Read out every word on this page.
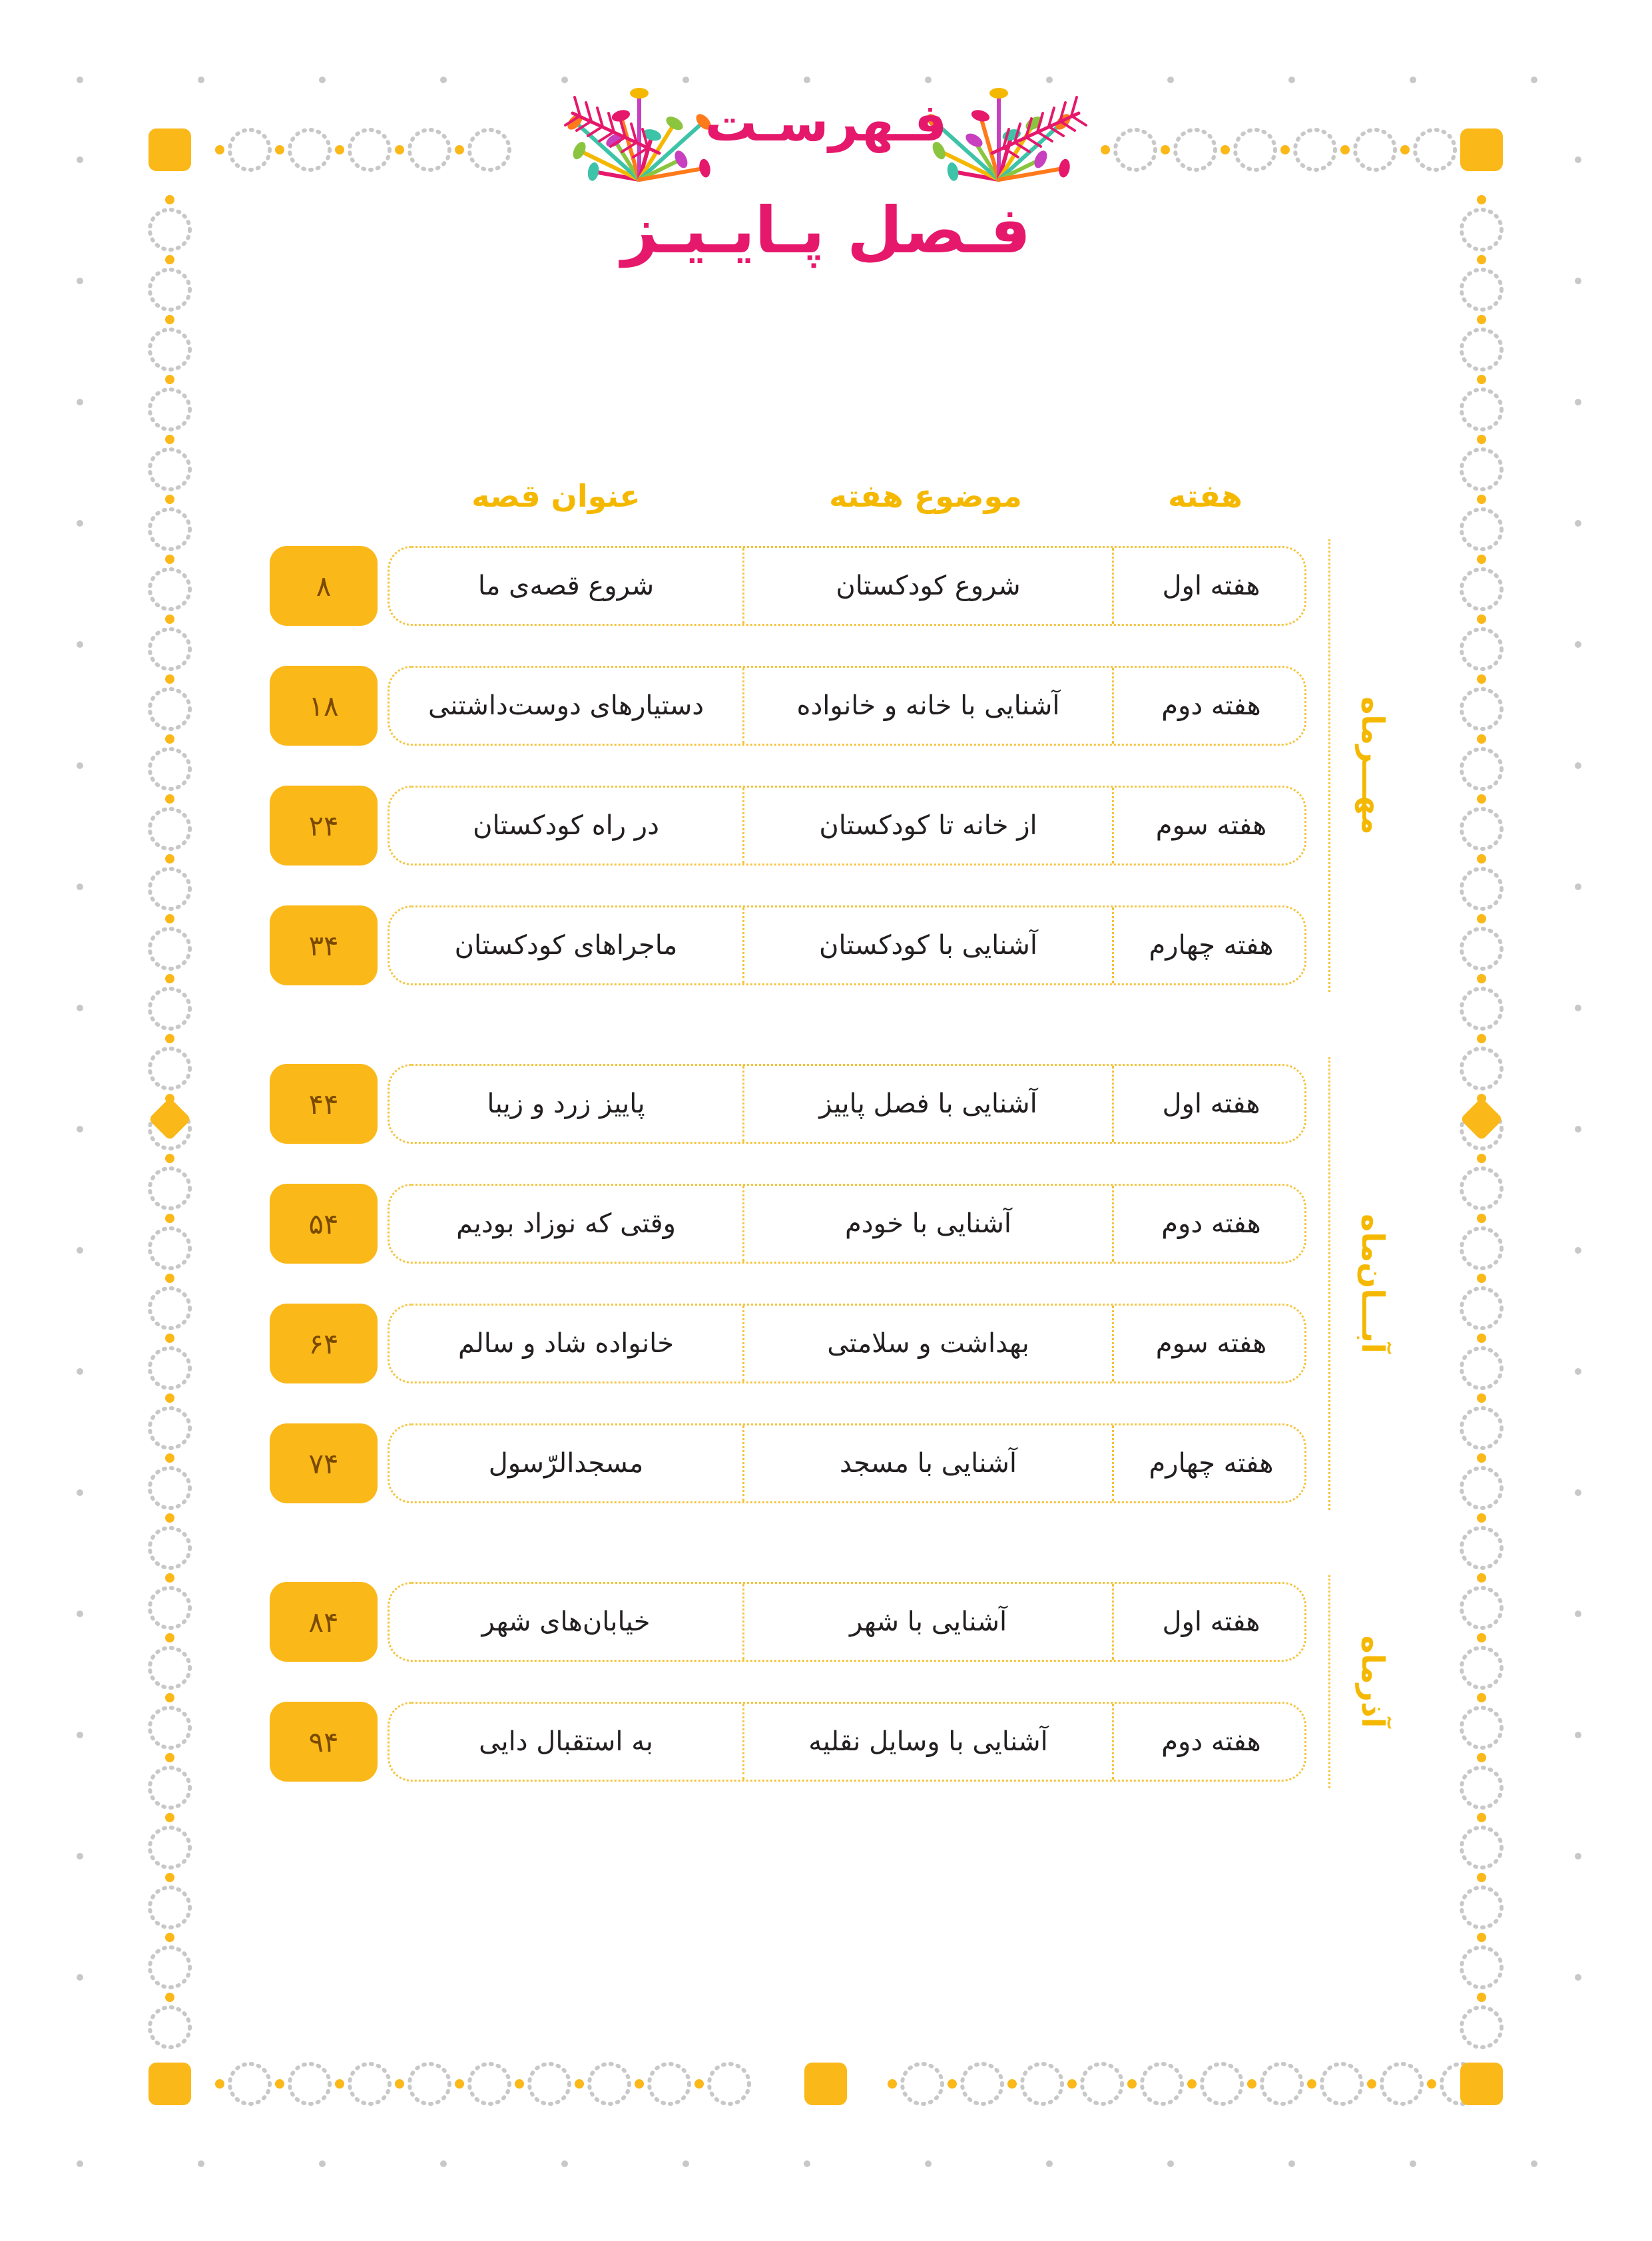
فـهرسـت
فـصل پـایـیـز
هفته
موضوع هفته
عنوان قصه
هفته اول
شروع کودکستان
شروع قصه‌ی ما
۸
هفته دوم
آشنایی با خانه و خانواده
دستیارهای دوست‌داشتنی
۱۸
هفته سوم
از خانه تا کودکستان
در راه کودکستان
۲۴
هفته چهارم
آشنایی با کودکستان
ماجراهای کودکستان
۳۴
مهـــرماه
هفته اول
آشنایی با فصل پاییز
پاییز زرد و زیبا
۴۴
هفته دوم
آشنایی با خودم
وقتی که نوزاد بودیم
۵۴
هفته سوم
بهداشت و سلامتی
خانواده شاد و سالم
۶۴
هفته چهارم
آشنایی با مسجد
مسجدالرّسول
۷۴
آبـــان‌ماه
هفته اول
آشنایی با شهر
خیابان‌های شهر
۸۴
هفته دوم
آشنایی با وسایل نقلیه
به استقبال دایی
۹۴
آذرماه
